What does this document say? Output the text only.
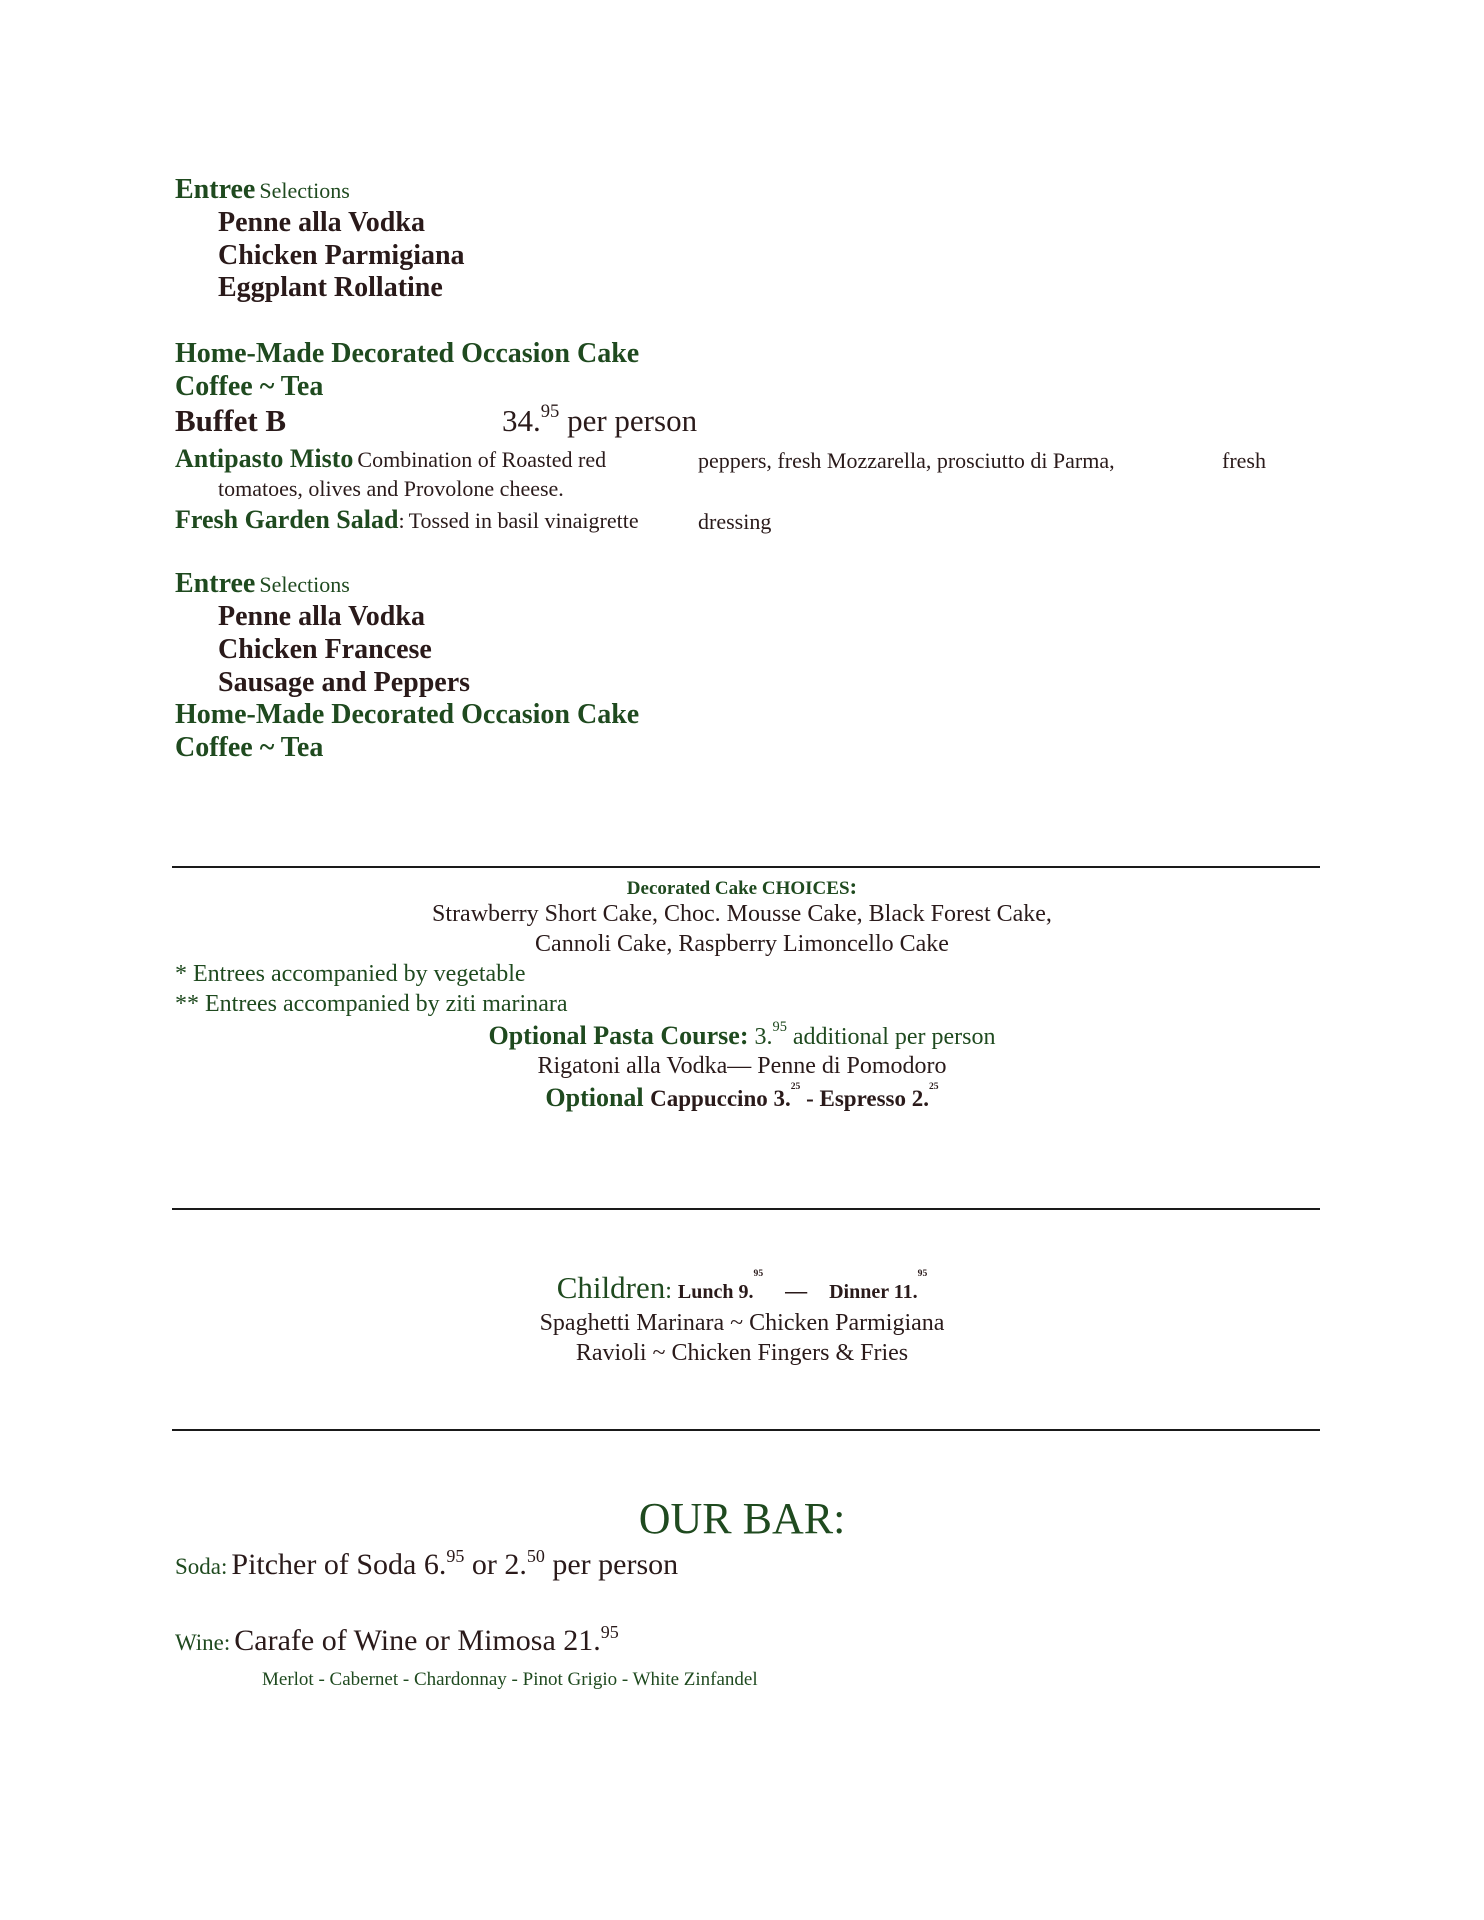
Entree Selections
Penne alla Vodka
Chicken Parmigiana
Eggplant Rollatine
Home-Made Decorated Occasion Cake
Coffee ~ Tea
Buffet B	34.95 per person
Antipasto Misto Combination of Roasted red	peppers, fresh Mozzarella, prosciutto di Parma,	fresh
tomatoes, olives and Provolone cheese.
Fresh Garden Salad: Tossed in basil vinaigrette	dressing
Entree Selections
Penne alla Vodka
Chicken Francese
Sausage and Peppers
Home-Made Decorated Occasion Cake
Coffee ~ Tea
Decorated Cake CHOICES:
Strawberry Short Cake, Choc. Mousse Cake, Black Forest Cake,
Cannoli Cake, Raspberry Limoncello Cake
* Entrees accompanied by vegetable
** Entrees accompanied by ziti marinara
Optional Pasta Course: 3.95 additional per person
Rigatoni alla Vodka— Penne di Pomodoro
Optional Cappuccino 3.25 - Espresso 2.25
Children: Lunch 9.95 — Dinner 11.95
Spaghetti Marinara ~ Chicken Parmigiana
Ravioli ~ Chicken Fingers & Fries
OUR BAR:
Soda: Pitcher of Soda 6.95 or 2.50 per person
Wine: Carafe of Wine or Mimosa 21.95
Merlot - Cabernet - Chardonnay - Pinot Grigio - White Zinfandel
